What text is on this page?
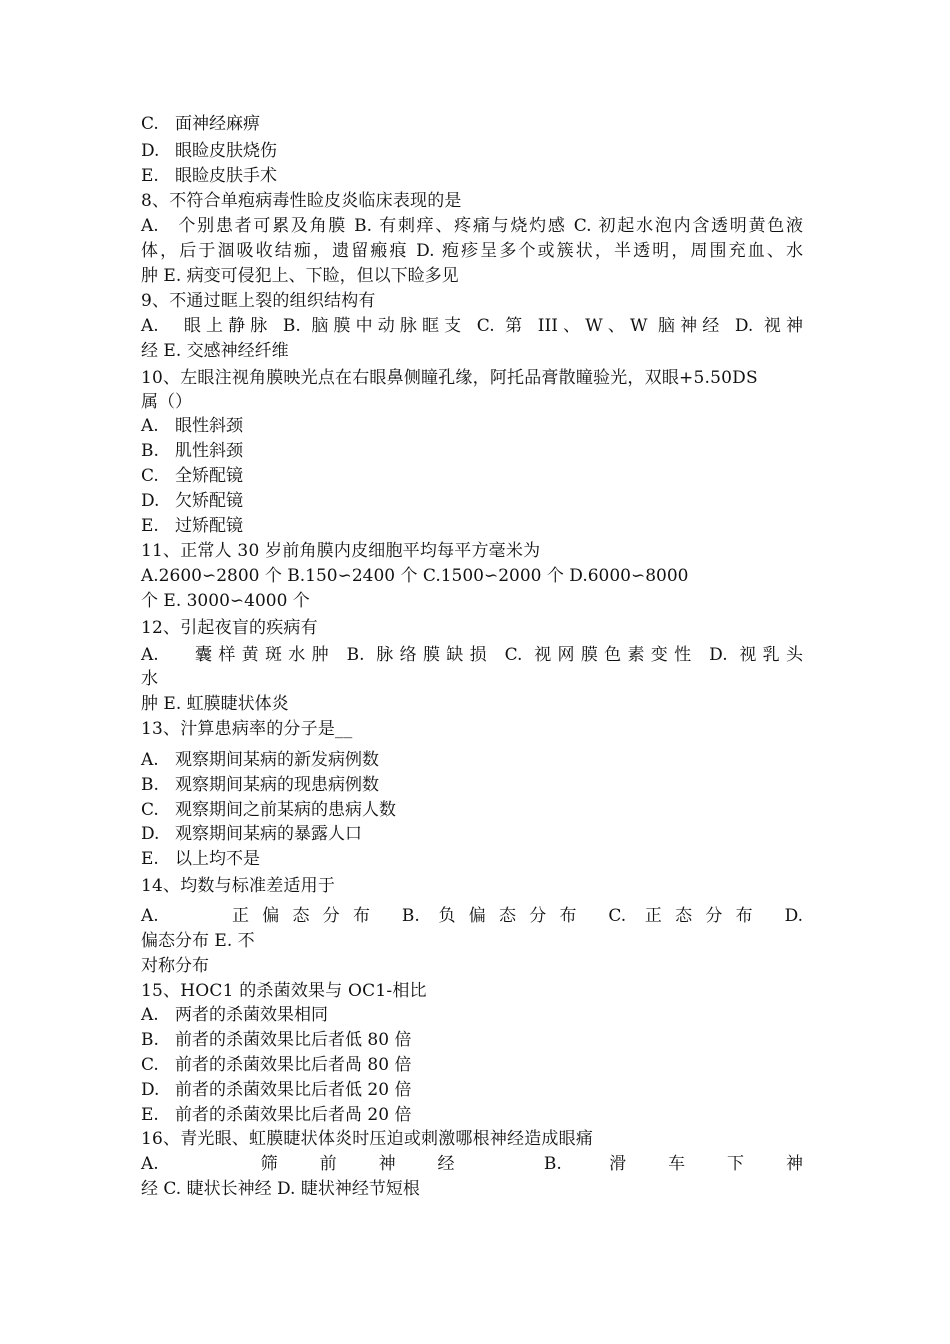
C. 面神经麻痹

D. 眼睑皮肤烧伤

E. 眼睑皮肤手术

8、不符合单疱病毒性睑皮炎临床表现的是

A. 个别患者可累及角膜 B. 有刺痒、疼痛与烧灼感 C. 初起水泡内含透明黄色液

体，后于涸吸收结痂，遗留瘢痕 D. 疱疹呈多个或簇状，半透明，周围充血、水

肿 E. 病变可侵犯上、下睑，但以下睑多见

9、不通过眶上裂的组织结构有

A. 眼上静脉 B. 脑膜中动脉眶支 C. 第 III、W、W 脑神经 D. 视神

经 E. 交感神经纤维

10、左眼注视角膜映光点在右眼鼻侧瞳孔缘，阿托品膏散瞳验光，双眼+5.50DS

属（）

A. 眼性斜颈

B. 肌性斜颈

C. 全矫配镜

D. 欠矫配镜

E. 过矫配镜

11、正常人 30 岁前角膜内皮细胞平均每平方毫米为

A.2600∽2800 个 B.150∽2400 个 C.1500∽2000 个 D.6000∽8000

个 E. 3000∽4000 个

12、引起夜盲的疾病有

A. 囊样黄斑水肿 B. 脉络膜缺损 C. 视网膜色素变性 D. 视乳头

水

肿 E. 虹膜睫状体炎

13、汁算患病率的分子是__

A. 观察期间某病的新发病例数

B. 观察期间某病的现患病例数

C. 观察期间之前某病的患病人数

D. 观察期间某病的暴露人口

E. 以上均不是

14、均数与标准差适用于

A.	正偏态分布 B. 负偏态分布 C. 正态分布 D.

偏态分布 E. 不

对称分布

15、HOC1 的杀菌效果与 OC1-相比

A. 两者的杀菌效果相同

B. 前者的杀菌效果比后者低 80 倍

C. 前者的杀菌效果比后者咼 80 倍

D. 前者的杀菌效果比后者低 20 倍

E. 前者的杀菌效果比后者咼 20 倍

16、青光眼、虹膜睫状体炎时压迫或刺激哪根神经造成眼痛

A.	筛前神经 B. 滑车下神

经 C. 睫状长神经 D. 睫状神经节短根
